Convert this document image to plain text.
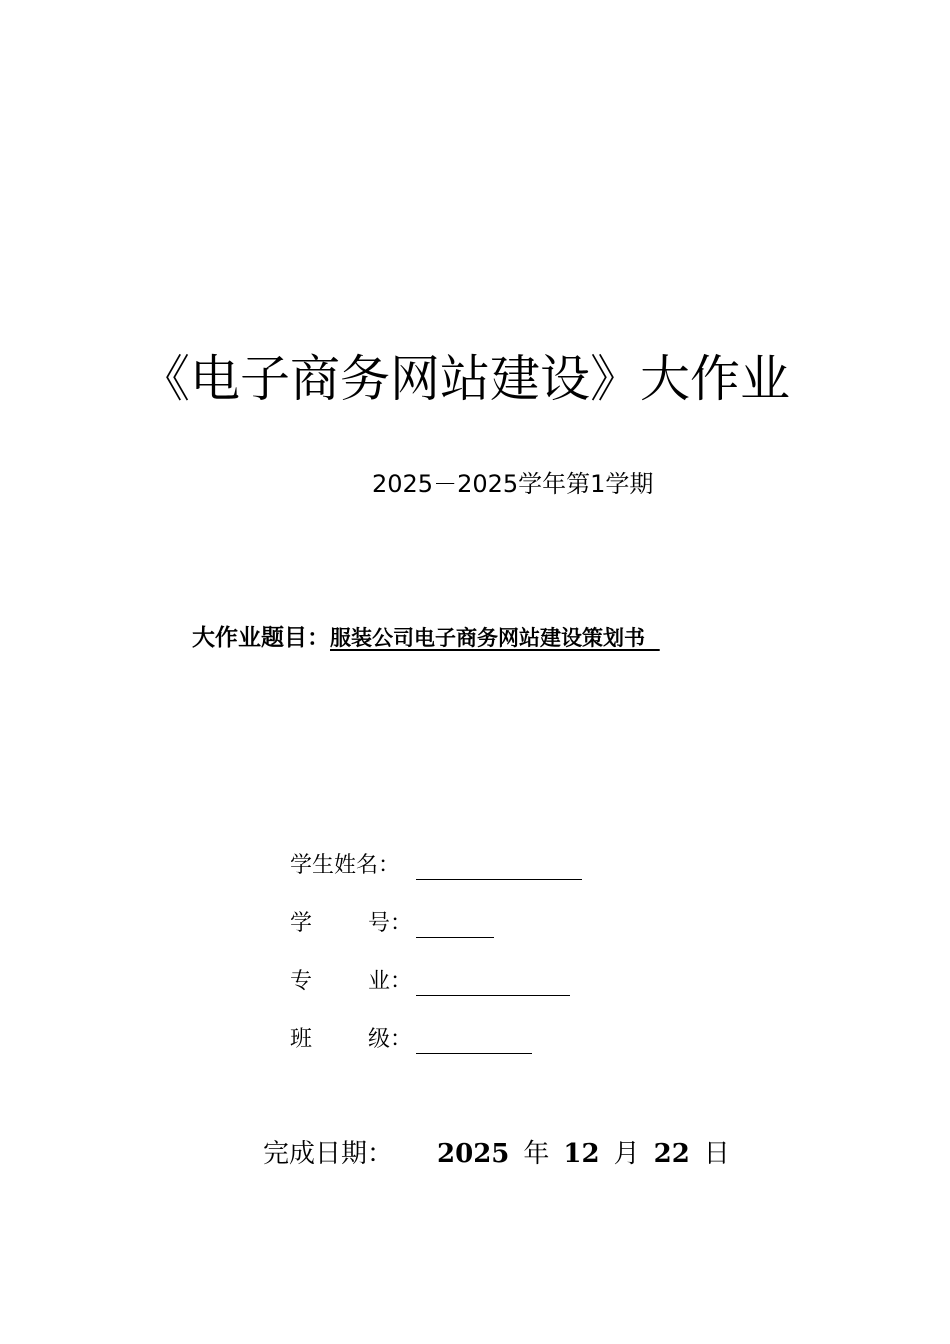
《电子商务网站建设》大作业
2025－2025学年第1学期
大作业题目：服装公司电子商务网站建设策划书
学生姓名：
学	号：
专	业：
班	级：
完成日期： 2025 年 12 月 22 日
